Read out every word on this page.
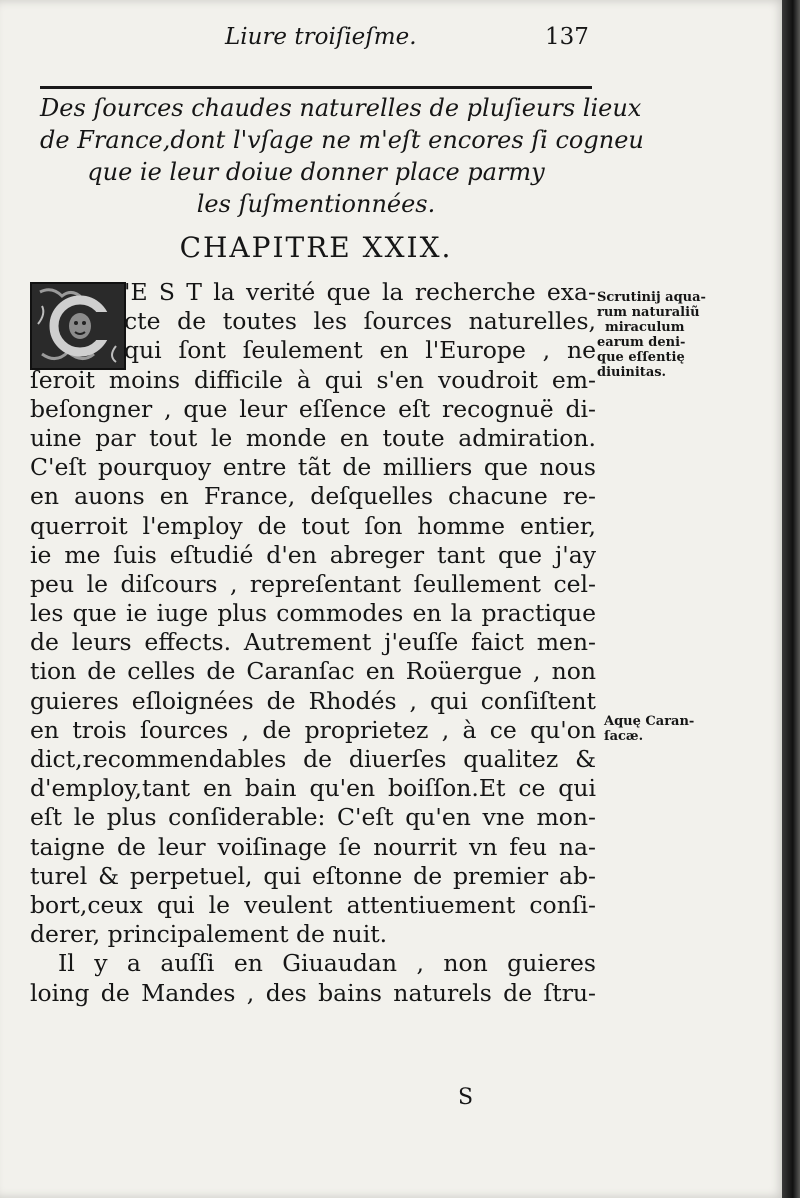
Liure troiſieſme.	137
Des ſources chaudes naturelles de pluſieurs lieux
de France,dont l'vſage ne m'eſt encores ſi cogneu
que ie leur doiue donner place parmy
les ſuſmentionnées.
CHAPITRE XXIX.
'E S T la verité que la recherche exa-
cte de toutes les ſources naturelles,
qui ſont ſeulement en l'Europe , ne
ſeroit moins difficile à qui s'en voudroit em-
beſongner , que leur eſſence eſt recognuë di-
uine par tout le monde en toute admiration.
C'eſt pourquoy entre tãt de milliers que nous
en auons en France, deſquelles chacune re-
querroit l'employ de tout ſon homme entier,
ie me ſuis eſtudié d'en abreger tant que j'ay
peu le diſcours , repreſentant ſeullement cel-
les que ie iuge plus commodes en la practique
de leurs effects. Autrement j'euſſe faict men-
tion de celles de Caranſac en Roüergue , non
guieres eſloignées de Rhodés , qui conſiſtent
en trois ſources , de proprietez , à ce qu'on
dict,recommendables de diuerſes qualitez &
d'employ,tant en bain qu'en boiſſon.Et ce qui
eſt le plus conſiderable: C'eſt qu'en vne mon-
taigne de leur voiſinage ſe nourrit vn feu na-
turel & perpetuel, qui eſtonne de premier ab-
bort,ceux qui le veulent attentiuement conſi-
derer, principalement de nuit.
Il y a auſſi en Giuaudan , non guieres
loing de Mandes , des bains naturels de ſtru-
Scrutinij aqua-
rum naturaliũ
miraculum
earum deni-
que eſſentię
diuinitas.
Aquę Caran-
ſacæ.
S
